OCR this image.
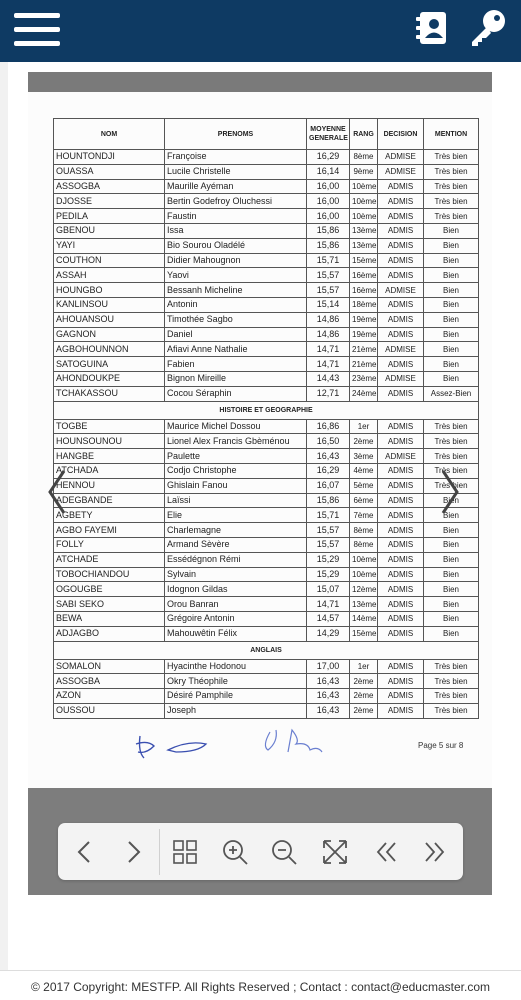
NOM	PRENOMS	MOYENNE GENERALE	RANG	DECISION	MENTION
HOUNTONDJI	Françoise	16,29	8ème	ADMISE	Très bien
OUASSA	Lucile Christelle	16,14	9ème	ADMISE	Très bien
ASSOGBA	Maurille Ayéman	16,00	10ème	ADMIS	Très bien
DJOSSE	Bertin Godefroy Oluchessi	16,00	10ème	ADMIS	Très bien
PEDILA	Faustin	16,00	10ème	ADMIS	Très bien
GBENOU	Issa	15,86	13ème	ADMIS	Bien
YAYI	Bio Sourou Oladélé	15,86	13ème	ADMIS	Bien
COUTHON	Didier Mahougnon	15,71	15ème	ADMIS	Bien
ASSAH	Yaovi	15,57	16ème	ADMIS	Bien
HOUNGBO	Bessanh Micheline	15,57	16ème	ADMISE	Bien
KANLINSOU	Antonin	15,14	18ème	ADMIS	Bien
AHOUANSOU	Timothée Sagbo	14,86	19ème	ADMIS	Bien
GAGNON	Daniel	14,86	19ème	ADMIS	Bien
AGBOHOUNNON	Afiavi Anne Nathalie	14,71	21ème	ADMISE	Bien
SATOGUINA	Fabien	14,71	21ème	ADMIS	Bien
AHONDOUKPE	Bignon Mireille	14,43	23ème	ADMISE	Bien
TCHAKASSOU	Cocou Séraphin	12,71	24ème	ADMIS	Assez-Bien
HISTOIRE ET GEOGRAPHIE					
TOGBE	Maurice Michel Dossou	16,86	1er	ADMIS	Très bien
HOUNSOUNOU	Lionel Alex Francis Gbèménou	16,50	2ème	ADMIS	Très bien
HANGBE	Paulette	16,43	3ème	ADMISE	Très bien
ATCHADA	Codjo Christophe	16,29	4ème	ADMIS	Très bien
HENNOU	Ghislain Fanou	16,07	5ème	ADMIS	Très bien
ADEGBANDE	Laïssi	15,86	6ème	ADMIS	Bien
AGBETY	Elie	15,71	7ème	ADMIS	Bien
AGBO FAYEMI	Charlemagne	15,57	8ème	ADMIS	Bien
FOLLY	Armand Sèvère	15,57	8ème	ADMIS	Bien
ATCHADE	Essédégnon Rémi	15,29	10ème	ADMIS	Bien
TOBOCHIANDOU	Sylvain	15,29	10ème	ADMIS	Bien
OGOUGBE	Idognon Gildas	15,07	12ème	ADMIS	Bien
SABI SEKO	Orou Banran	14,71	13ème	ADMIS	Bien
BEWA	Grégoire Antonin	14,57	14ème	ADMIS	Bien
ADJAGBO	Mahouwêtin Félix	14,29	15ème	ADMIS	Bien
ANGLAIS					
SOMALON	Hyacinthe Hodonou	17,00	1er	ADMIS	Très bien
ASSOGBA	Okry Théophile	16,43	2ème	ADMIS	Très bien
AZON	Désiré Pamphile	16,43	2ème	ADMIS	Très bien
OUSSOU	Joseph	16,43	2ème	ADMIS	Très bien
Page 5 sur 8
© 2017 Copyright: MESTFP. All Rights Reserved ; Contact : contact@educmaster.com
